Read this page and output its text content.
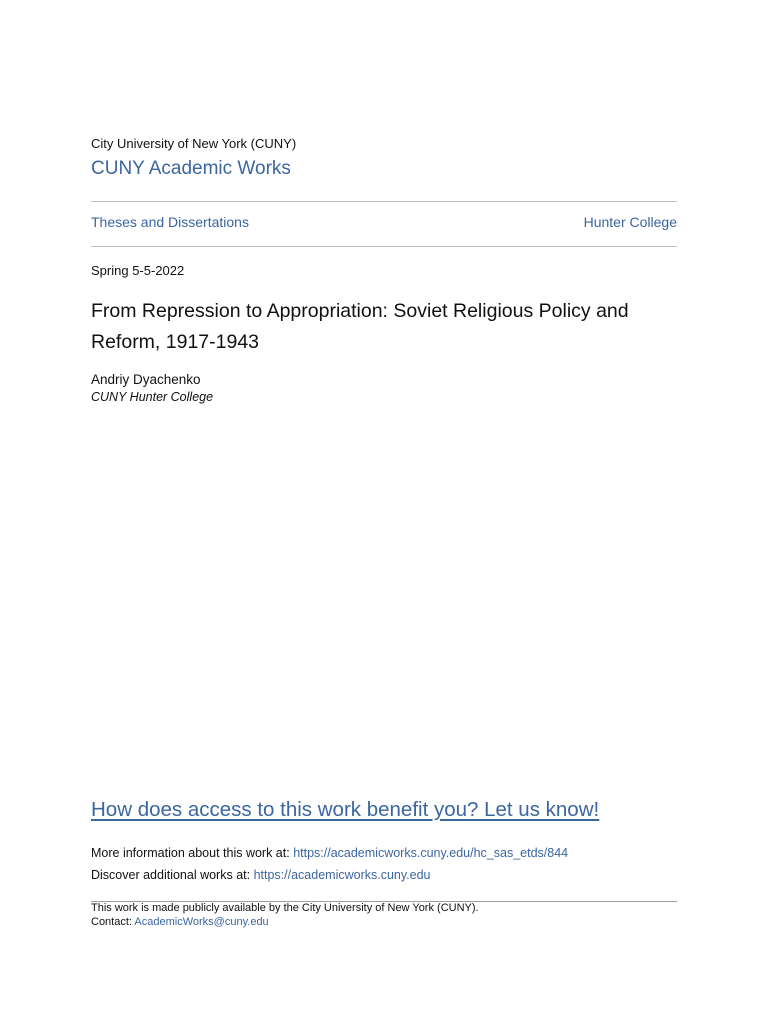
City University of New York (CUNY)
CUNY Academic Works
Theses and Dissertations	Hunter College
Spring 5-5-2022
From Repression to Appropriation: Soviet Religious Policy and Reform, 1917-1943
Andriy Dyachenko
CUNY Hunter College
How does access to this work benefit you? Let us know!
More information about this work at: https://academicworks.cuny.edu/hc_sas_etds/844
Discover additional works at: https://academicworks.cuny.edu
This work is made publicly available by the City University of New York (CUNY).
Contact: AcademicWorks@cuny.edu
